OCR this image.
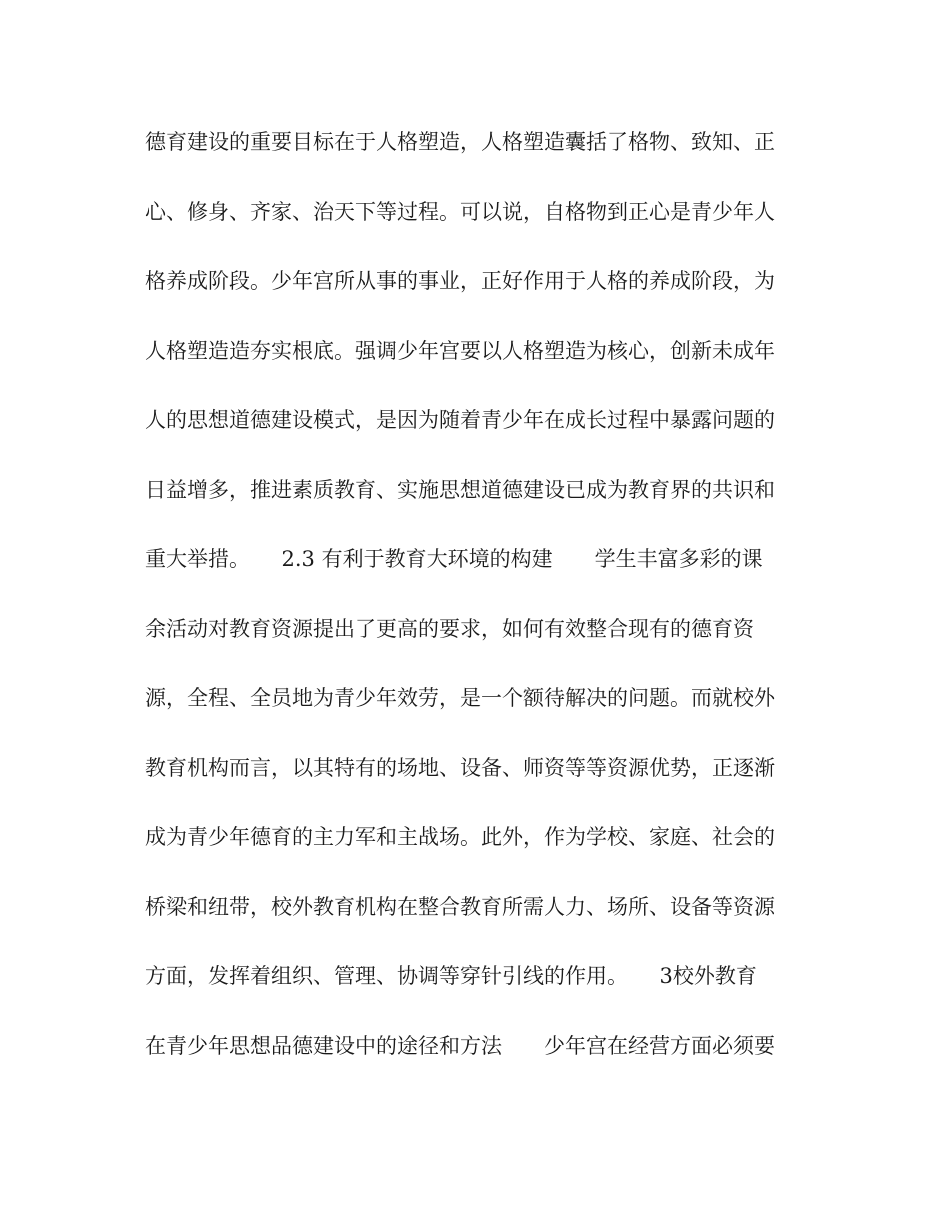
德育建设的重要目标在于人格塑造，人格塑造囊括了格物、致知、正
心、修身、齐家、治天下等过程。可以说，自格物到正心是青少年人
格养成阶段。少年宫所从事的事业，正好作用于人格的养成阶段，为
人格塑造造夯实根底。强调少年宫要以人格塑造为核心，创新未成年
人的思想道德建设模式，是因为随着青少年在成长过程中暴露问题的
日益增多，推进素质教育、实施思想道德建设已成为教育界的共识和
重大举措。　　2.3 有利于教育大环境的构建　　学生丰富多彩的课
余活动对教育资源提出了更高的要求，如何有效整合现有的德育资
源，全程、全员地为青少年效劳，是一个额待解决的问题。而就校外
教育机构而言，以其特有的场地、设备、师资等等资源优势，正逐渐
成为青少年德育的主力军和主战场。此外，作为学校、家庭、社会的
桥梁和纽带，校外教育机构在整合教育所需人力、场所、设备等资源
方面，发挥着组织、管理、协调等穿针引线的作用。　　3校外教育
在青少年思想品德建设中的途径和方法　　少年宫在经营方面必须要
